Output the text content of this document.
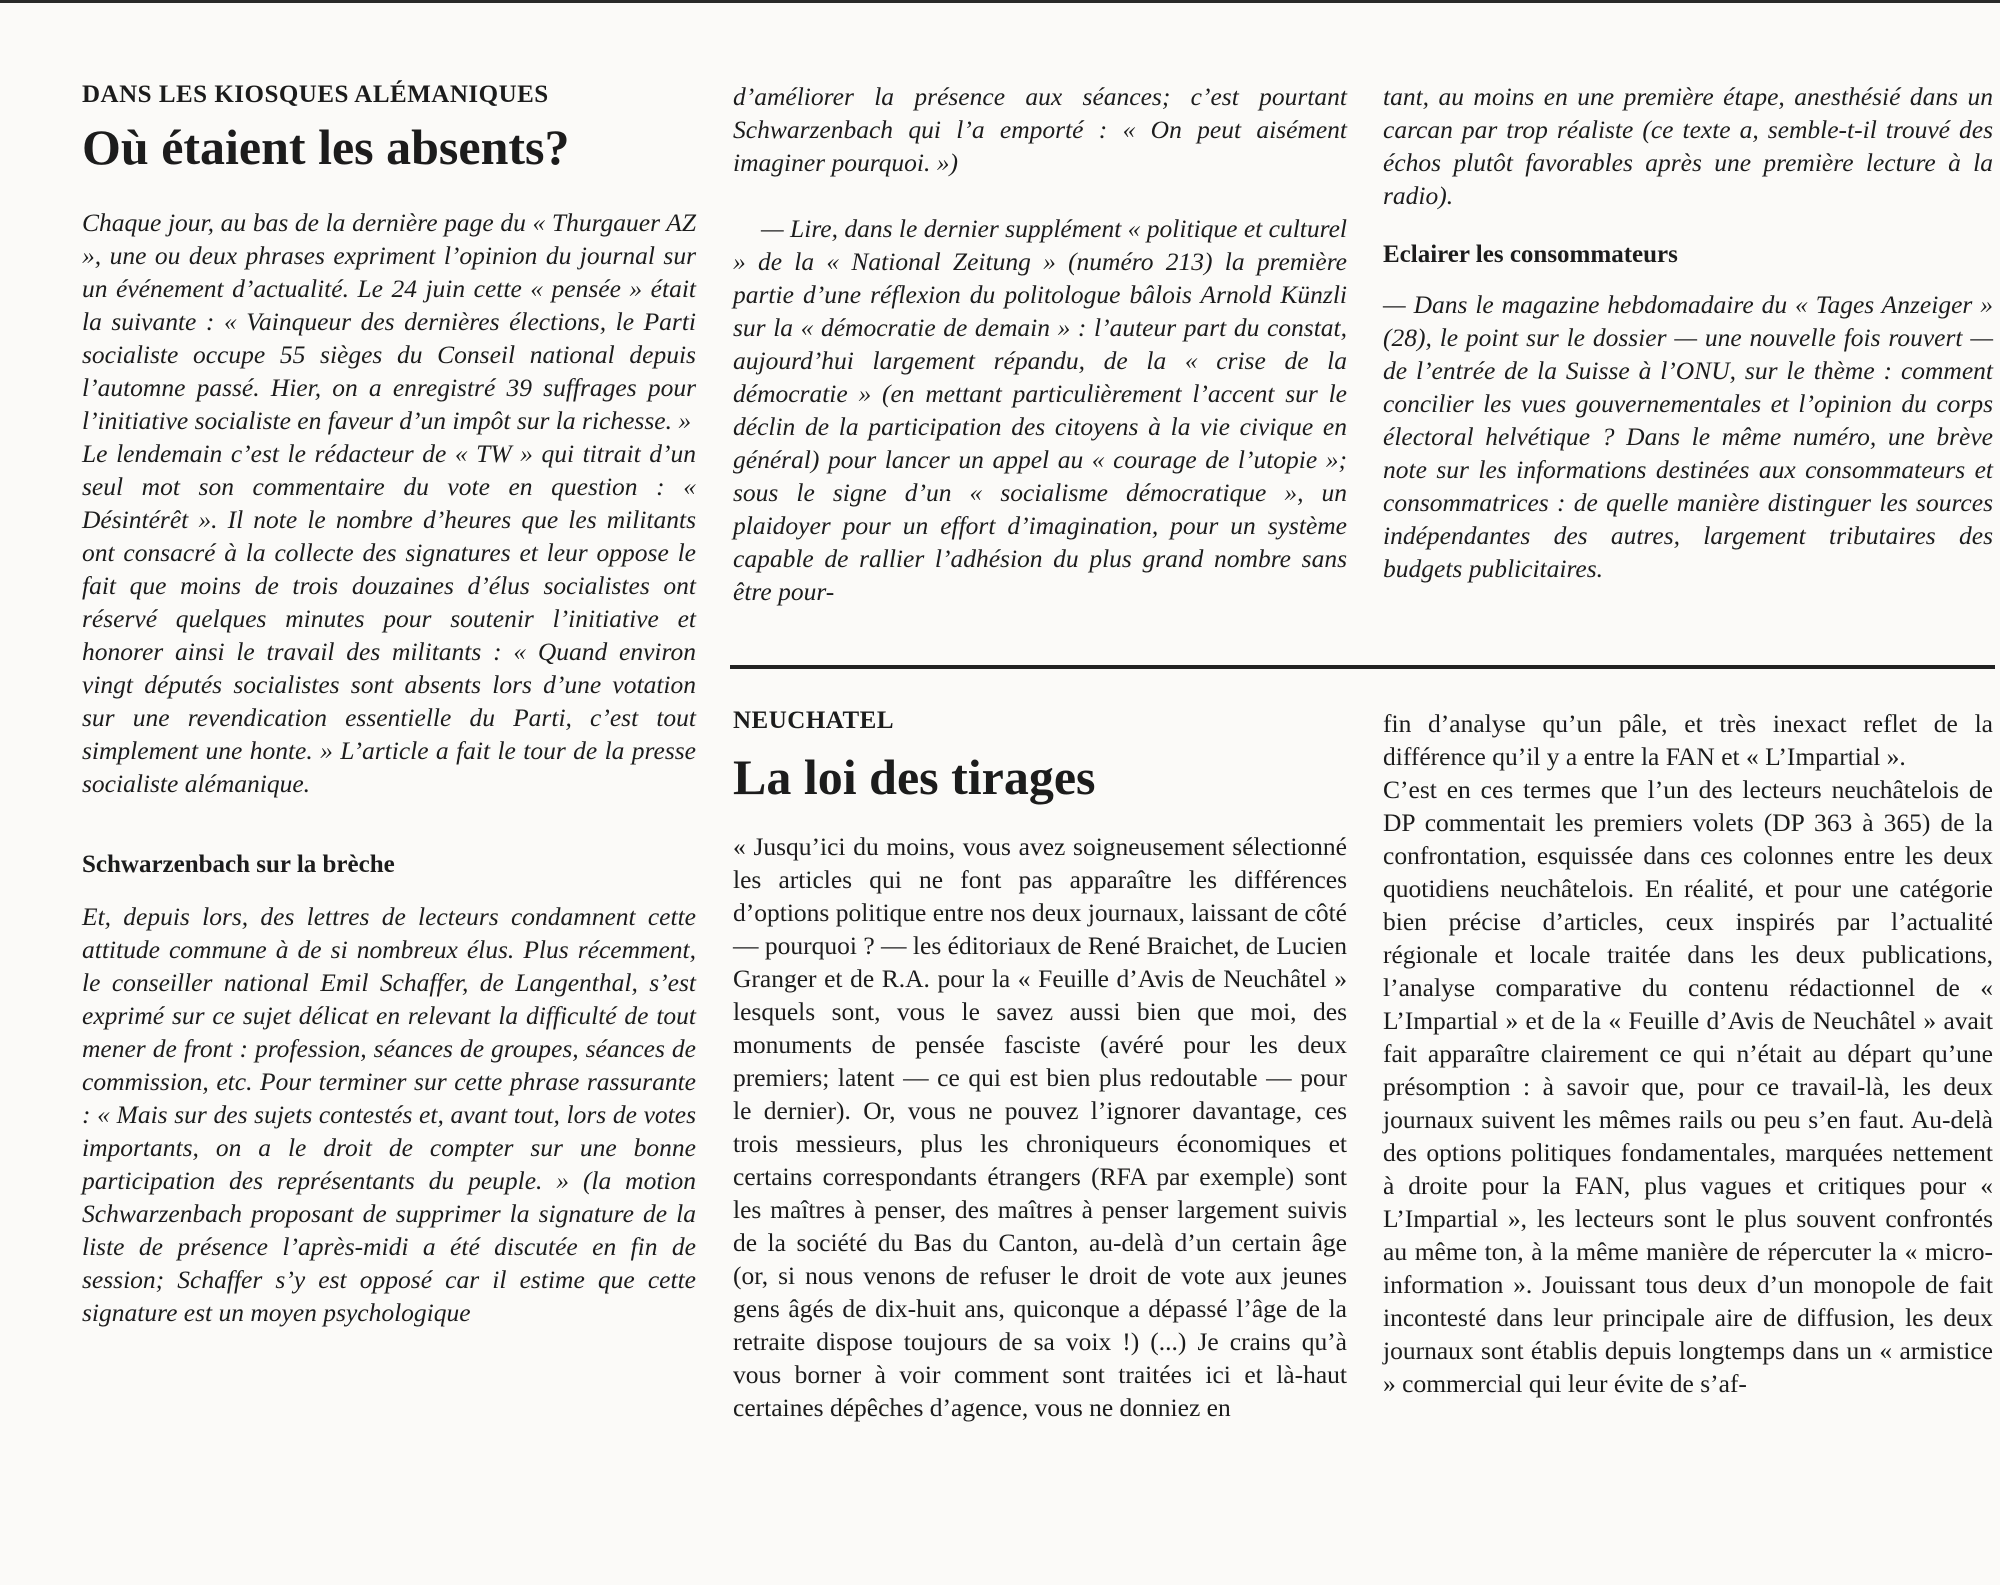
DANS LES KIOSQUES ALÉMANIQUES

Où étaient les absents?

Chaque jour, au bas de la dernière page du « Thurgauer AZ », une ou deux phrases expriment l’opinion du journal sur un événement d’actualité. Le 24 juin cette « pensée » était la suivante : « Vainqueur des dernières élections, le Parti socialiste occupe 55 sièges du Conseil national depuis l’automne passé. Hier, on a enregistré 39 suffrages pour l’initiative socialiste en faveur d’un impôt sur la richesse. »

Le lendemain c’est le rédacteur de « TW » qui titrait d’un seul mot son commentaire du vote en question : « Désintérêt ». Il note le nombre d’heures que les militants ont consacré à la collecte des signatures et leur oppose le fait que moins de trois douzaines d’élus socialistes ont réservé quelques minutes pour soutenir l’initiative et honorer ainsi le travail des militants : « Quand environ vingt députés socialistes sont absents lors d’une votation sur une revendication essentielle du Parti, c’est tout simplement une honte. » L’article a fait le tour de la presse socialiste alémanique.

Schwarzenbach sur la brèche

Et, depuis lors, des lettres de lecteurs condamnent cette attitude commune à de si nombreux élus. Plus récemment, le conseiller national Emil Schaffer, de Langenthal, s’est exprimé sur ce sujet délicat en relevant la difficulté de tout mener de front : profession, séances de groupes, séances de commission, etc. Pour terminer sur cette phrase rassurante : « Mais sur des sujets contestés et, avant tout, lors de votes importants, on a le droit de compter sur une bonne participation des représentants du peuple. » (la motion Schwarzenbach proposant de supprimer la signature de la liste de présence l’après-midi a été discutée en fin de session; Schaffer s’y est opposé car il estime que cette signature est un moyen psychologique

d’améliorer la présence aux séances; c’est pourtant Schwarzenbach qui l’a emporté : « On peut aisément imaginer pourquoi. »)

— Lire, dans le dernier supplément « politique et culturel » de la « National Zeitung » (numéro 213) la première partie d’une réflexion du politologue bâlois Arnold Künzli sur la « démocratie de demain » : l’auteur part du constat, aujourd’hui largement répandu, de la « crise de la démocratie » (en mettant particulièrement l’accent sur le déclin de la participation des citoyens à la vie civique en général) pour lancer un appel au « courage de l’utopie »; sous le signe d’un « socialisme démocratique », un plaidoyer pour un effort d’imagination, pour un système capable de rallier l’adhésion du plus grand nombre sans être pour-

tant, au moins en une première étape, anesthésié dans un carcan par trop réaliste (ce texte a, semble-t-il trouvé des échos plutôt favorables après une première lecture à la radio).

Eclairer les consommateurs

— Dans le magazine hebdomadaire du « Tages Anzeiger » (28), le point sur le dossier — une nouvelle fois rouvert — de l’entrée de la Suisse à l’ONU, sur le thème : comment concilier les vues gouvernementales et l’opinion du corps électoral helvétique ? Dans le même numéro, une brève note sur les informations destinées aux consommateurs et consommatrices : de quelle manière distinguer les sources indépendantes des autres, largement tributaires des budgets publicitaires.

NEUCHATEL

La loi des tirages

« Jusqu’ici du moins, vous avez soigneusement sélectionné les articles qui ne font pas apparaître les différences d’options politique entre nos deux journaux, laissant de côté — pourquoi ? — les éditoriaux de René Braichet, de Lucien Granger et de R.A. pour la « Feuille d’Avis de Neuchâtel » lesquels sont, vous le savez aussi bien que moi, des monuments de pensée fasciste (avéré pour les deux premiers; latent — ce qui est bien plus redoutable — pour le dernier). Or, vous ne pouvez l’ignorer davantage, ces trois messieurs, plus les chroniqueurs économiques et certains correspondants étrangers (RFA par exemple) sont les maîtres à penser, des maîtres à penser largement suivis de la société du Bas du Canton, au-delà d’un certain âge (or, si nous venons de refuser le droit de vote aux jeunes gens âgés de dix-huit ans, quiconque a dépassé l’âge de la retraite dispose toujours de sa voix !) (...) Je crains qu’à vous borner à voir comment sont traitées ici et là-haut certaines dépêches d’agence, vous ne donniez en

fin d’analyse qu’un pâle, et très inexact reflet de la différence qu’il y a entre la FAN et « L’Impartial ».

C’est en ces termes que l’un des lecteurs neuchâtelois de DP commentait les premiers volets (DP 363 à 365) de la confrontation, esquissée dans ces colonnes entre les deux quotidiens neuchâtelois. En réalité, et pour une catégorie bien précise d’articles, ceux inspirés par l’actualité régionale et locale traitée dans les deux publications, l’analyse comparative du contenu rédactionnel de « L’Impartial » et de la « Feuille d’Avis de Neuchâtel » avait fait apparaître clairement ce qui n’était au départ qu’une présomption : à savoir que, pour ce travail-là, les deux journaux suivent les mêmes rails ou peu s’en faut. Au-delà des options politiques fondamentales, marquées nettement à droite pour la FAN, plus vagues et critiques pour « L’Impartial », les lecteurs sont le plus souvent confrontés au même ton, à la même manière de répercuter la « micro-information ». Jouissant tous deux d’un monopole de fait incontesté dans leur principale aire de diffusion, les deux journaux sont établis depuis longtemps dans un « armistice » commercial qui leur évite de s’af-
